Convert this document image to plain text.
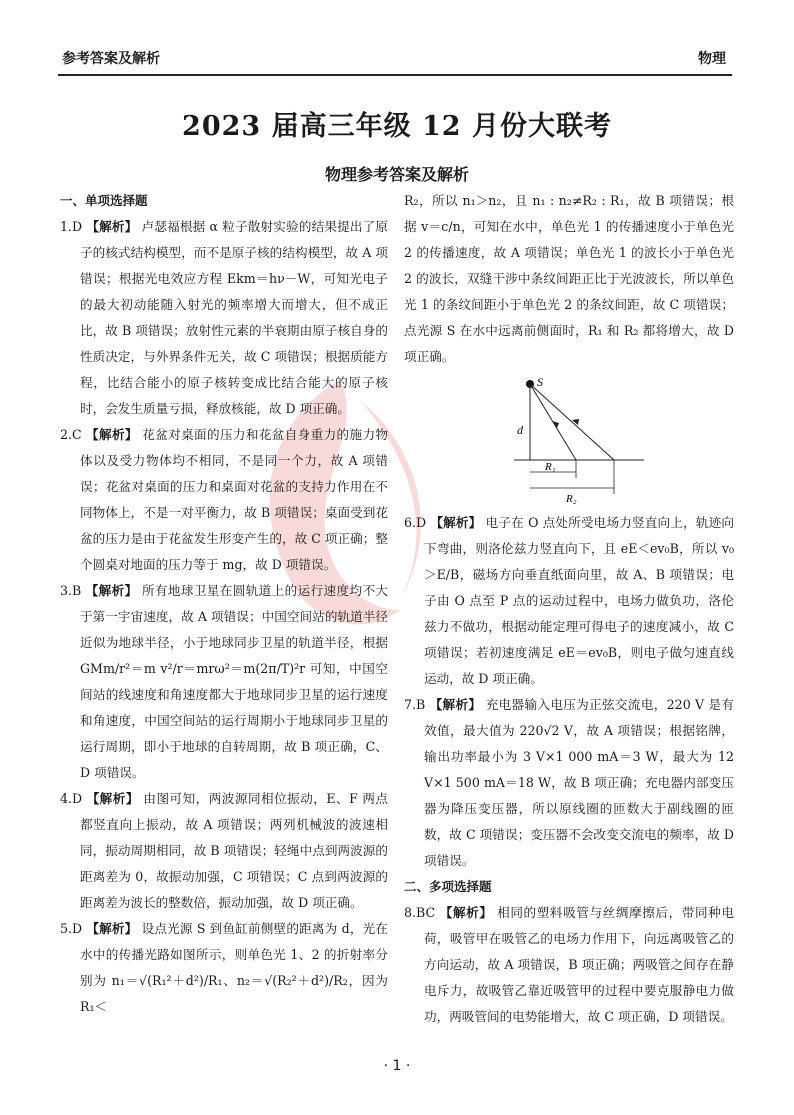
参考答案及解析	物理
2023 届高三年级 12 月份大联考
物理参考答案及解析
一、单项选择题
1.D 【解析】 卢瑟福根据 α 粒子散射实验的结果提出了原子的核式结构模型，而不是原子核的结构模型，故 A 项错误；根据光电效应方程 Ekm＝hν－W，可知光电子的最大初动能随入射光的频率增大而增大，但不成正比，故 B 项错误；放射性元素的半衰期由原子核自身的性质决定，与外界条件无关，故 C 项错误；根据质能方程，比结合能小的原子核转变成比结合能大的原子核时，会发生质量亏损，释放核能，故 D 项正确。
2.C 【解析】 花盆对桌面的压力和花盆自身重力的施力物体以及受力物体均不相同，不是同一个力，故 A 项错误；花盆对桌面的压力和桌面对花盆的支持力作用在不同物体上，不是一对平衡力，故 B 项错误；桌面受到花盆的压力是由于花盆发生形变产生的，故 C 项正确；整个圆桌对地面的压力等于 mg，故 D 项错误。
3.B 【解析】 所有地球卫星在圆轨道上的运行速度均不大于第一宇宙速度，故 A 项错误；中国空间站的轨道半径近似为地球半径，小于地球同步卫星的轨道半径，根据 GMm/r²＝m v²/r＝mrω²＝m(2π/T)²r 可知，中国空间站的线速度和角速度都大于地球同步卫星的运行速度和角速度，中国空间站的运行周期小于地球同步卫星的运行周期，即小于地球的自转周期，故 B 项正确，C、D 项错误。
4.D 【解析】 由图可知，两波源同相位振动，E、F 两点都竖直向上振动，故 A 项错误；两列机械波的波速相同，振动周期相同，故 B 项错误；轻绳中点到两波源的距离差为 0，故振动加强，C 项错误；C 点到两波源的距离差为波长的整数倍，振动加强，故 D 项正确。
5.D 【解析】 设点光源 S 到鱼缸前侧壁的距离为 d，光在水中的传播光路如图所示，则单色光 1、2 的折射率分别为 n₁＝√(R₁²＋d²)/R₁、n₂＝√(R₂²＋d²)/R₂，因为 R₁＜
R₂，所以 n₁＞n₂，且 n₁ : n₂≠R₂ : R₁，故 B 项错误；根据 v＝c/n，可知在水中，单色光 1 的传播速度小于单色光 2 的传播速度，故 A 项错误；单色光 1 的波长小于单色光 2 的波长，双缝干涉中条纹间距正比于光波波长，所以单色光 1 的条纹间距小于单色光 2 的条纹间距，故 C 项错误；点光源 S 在水中远离前侧面时，R₁ 和 R₂ 都将增大，故 D 项正确。
S
d
R₁
R₂
6.D 【解析】 电子在 O 点处所受电场力竖直向上，轨迹向下弯曲，则洛伦兹力竖直向下，且 eE＜ev₀B，所以 v₀＞E/B，磁场方向垂直纸面向里，故 A、B 项错误；电子由 O 点至 P 点的运动过程中，电场力做负功，洛伦兹力不做功，根据动能定理可得电子的速度减小，故 C 项错误；若初速度满足 eE＝ev₀B，则电子做匀速直线运动，故 D 项正确。
7.B 【解析】 充电器输入电压为正弦交流电，220 V 是有效值，最大值为 220√2 V，故 A 项错误；根据铭牌，输出功率最小为 3 V×1 000 mA＝3 W，最大为 12 V×1 500 mA＝18 W，故 B 项正确；充电器内部变压器为降压变压器，所以原线圈的匝数大于副线圈的匝数，故 C 项错误；变压器不会改变交流电的频率，故 D 项错误。
二、多项选择题
8.BC 【解析】 相同的塑料吸管与丝绸摩擦后，带同种电荷，吸管甲在吸管乙的电场力作用下，向远离吸管乙的方向运动，故 A 项错误，B 项正确；两吸管之间存在静电斥力，故吸管乙靠近吸管甲的过程中要克服静电力做功，两吸管间的电势能增大，故 C 项正确，D 项错误。
· 1 ·
